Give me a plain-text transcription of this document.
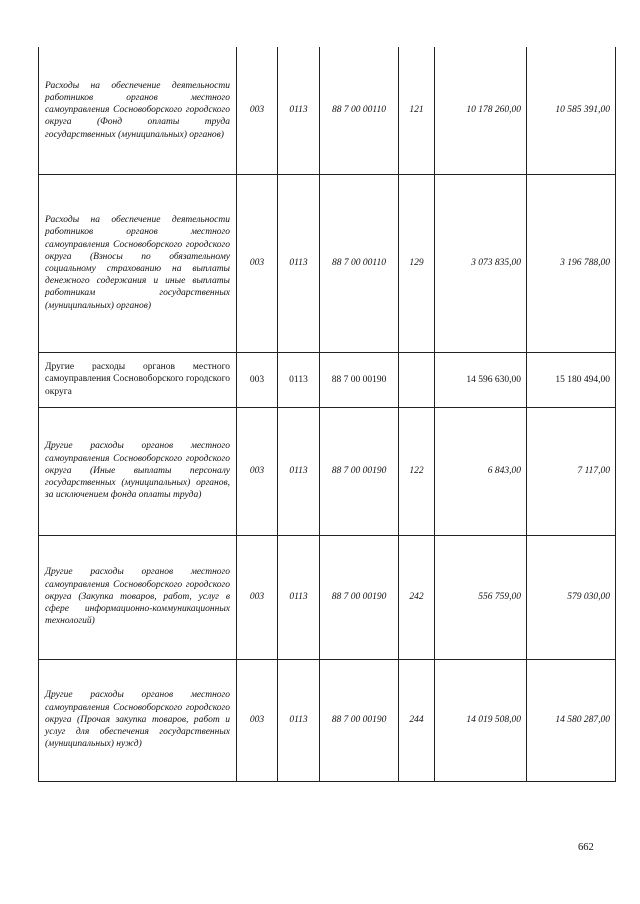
Расходы на обеспечение деятельности работников органов местного самоуправления Сосновоборского городского округа (Фонд оплаты труда государственных (муниципальных) органов)	003	0113	88 7 00 00110	121	10 178 260,00	10 585 391,00
Расходы на обеспечение деятельности работников органов местного самоуправления Сосновоборского городского округа (Взносы по обязательному социальному страхованию на выплаты денежного содержания и иные выплаты работникам государственных (муниципальных) органов)	003	0113	88 7 00 00110	129	3 073 835,00	3 196 788,00
Другие расходы органов местного самоуправления Сосновоборского городского округа	003	0113	88 7 00 00190		14 596 630,00	15 180 494,00
Другие расходы органов местного самоуправления Сосновоборского городского округа (Иные выплаты персоналу государственных (муниципальных) органов, за исключением фонда оплаты труда)	003	0113	88 7 00 00190	122	6 843,00	7 117,00
Другие расходы органов местного самоуправления Сосновоборского городского округа (Закупка товаров, работ, услуг в сфере информационно-коммуникационных технологий)	003	0113	88 7 00 00190	242	556 759,00	579 030,00
Другие расходы органов местного самоуправления Сосновоборского городского округа (Прочая закупка товаров, работ и услуг для обеспечения государственных (муниципальных) нужд)	003	0113	88 7 00 00190	244	14 019 508,00	14 580 287,00
662
